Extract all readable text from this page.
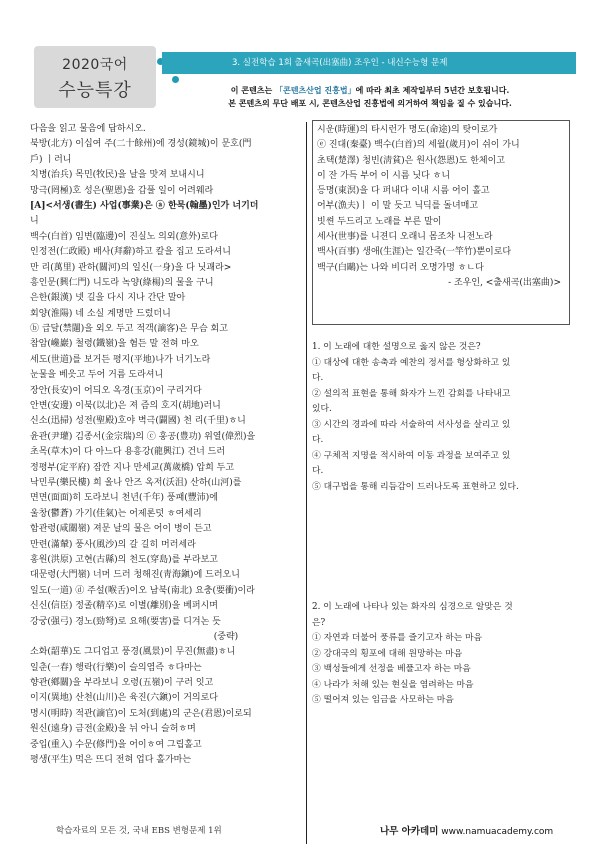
2020국어
수능특강
3. 실전학습 1회 출새곡(出塞曲) 조우인 - 내신수능형 문제
이 콘텐츠는 「콘텐츠산업 진흥법」에 따라 최초 제작일부터 5년간 보호됩니다.
본 콘텐츠의 무단 배포 시, 콘텐츠산업 진흥법에 의거하여 책임을 질 수 있습니다.
다음을 읽고 물음에 답하시오.
북방(北方) 이십여 주(二十餘州)에 경성(鏡城)이 문호(門
戶) ㅣ러니
치병(治兵) 목민(牧民)을 날을 맛져 보내시니
망극(罔極)호 성은(聖恩)을 갑풀 일이 어려웨라
[A]<서생(書生) 사업(事業)은 ⓐ 한묵(翰墨)인가 너기더
니
백수(白首) 임변(臨邊)이 진실노 의외(意外)로다
인정전(仁政殿) 배사(拜辭)하고 칼을 집고 도라셔니
만 리(萬里) 관하(關河)의 일신(一身)을 다 닛괘라>
흥인문(興仁門) 니도라 녹양(綠楊)의 물을 구니
은한(銀漢) 넷 길을 다시 지나 간단 말아
회양(淮陽) 네 소실 계명만 드렀더니
ⓑ 급달(禁闥)을 외오 두고 적객(謫客)은 무슴 회고
참암(巉巖) 철령(鐵嶺)을 혐든 말 전혀 마오
세도(世道)를 보거든 평지(平地)나가 너기노라
눈물을 베읏고 두어 거름 도라셔니
장안(長安)이 어듸오 옥경(玉京)이 구리거다
안변(安邊) 이북(以北)은 져 즘의 호지(胡地)러니
신소(迅掃) 성전(聖殿)호야 벽극(闢國) 천 리(千里)ㅎ니
윤관(尹瓘) 김종서(金宗瑞)의 ⓒ 훙공(豊功) 위열(偉烈)을
초목(草木)이 다 아느다 용흥강(龍興江) 건너 드러
정평부(定平府) 잠깐 지나 만세교(萬歲橋) 압희 두고
낙민루(樂民樓) 희 올나 안즈 옥저(沃沮) 산하(山河)를
면면(面面)히 도라보니 천년(千年) 풍패(豐沛)에
울창(鬱蒼) 가기(佳氣)는 어제론덧 ㅎ여세리
함관령(咸關嶺) 져문 날의 물은 어이 병이 든고
만련(滿輦) 풍사(風沙)의 갈 길히 머러세라
홍원(洪原) 고현(古縣)의 천도(穿島)를 부라보고
대문령(大門嶺) 너머 드러 청해진(靑海鎭)에 드러오니
일도(一道) ⓓ 주설(喉舌)이오 남북(南北) 요충(要衝)이라
신신(信臣) 정졸(精卒)로 이별(離別)을 베퍼시며
강궁(强弓) 경노(勁弩)로 요해(要害)를 디겨논 듯
(중략)
소화(韶華)도 그디업고 풍경(風景)이 무진(無盡)ㅎ니
일춘(一春) 행락(行樂)이 슬의염즉 ㅎ다마는
향관(鄕關)을 부라보니 오령(五嶺)이 구러 잇고
이지(異地) 산천(山川)은 육진(六鎭)이 거의로다
명시(明時) 적관(謫官)이 도처(到處)의 군은(君恩)이로되
원신(遠身) 금전(金殿)을 뉘 아니 슬허ㅎ며
중입(重入) 수문(修門)을 어이ㅎ여 그립홀고
평생(平生) 먹은 뜨디 전혀 업다 홀가마는
시운(時運)의 타시런가 명도(命途)의 탓이로가
ⓔ 진대(秦臺) 백수(白首)의 세월(歲月)이 쉬이 가니
초택(楚澤) 청빈(淸貧)은 원사(怨恩)도 한체이고
이 잔 가득 부어 이 시름 닛다 ㅎ니
등명(東溟)을 다 퍼내다 이내 시름 어이 홀고
어부(漁夫)ㅣ 이 말 듯고 닉딕를 돌녀매고
빗쎤 두드리고 노래를 부른 말이
세사(世事)를 니젼디 오래니 몸조차 니전노라
백사(百事) 생애(生涯)는 일간죽(一竿竹)뿐이로다
백구(白鷗)는 나와 비디러 오명가명 ㅎㄴ다
- 조우인, <출새곡(出塞曲)>
1. 이 노래에 대한 설명으로 옳지 않은 것은?
① 대상에 대한 송축과 예찬의 정서를 형상화하고 있
다.
② 설의적 표현을 통해 화자가 느낀 감회를 나타내고
있다.
③ 시간의 경과에 따라 서술하여 서사성을 살리고 있
다.
④ 구체적 지명을 적시하여 이동 과정을 보여주고 있
다.
⑤ 대구법을 통해 리듬감이 드러나도록 표현하고 있다.
2. 이 노래에 나타나 있는 화자의 심경으로 알맞은 것
은?
① 자연과 더불어 풍류를 즐기고자 하는 마음
② 강대국의 횡포에 대해 원망하는 마음
③ 백성들에게 선정을 베풀고자 하는 마음
④ 나라가 처해 있는 현실을 염려하는 마음
⑤ 떨어져 있는 임금을 사모하는 마음
학습자료의 모든 것, 국내 EBS 변형문제 1위	나무 아카데미 www.namuacademy.com
